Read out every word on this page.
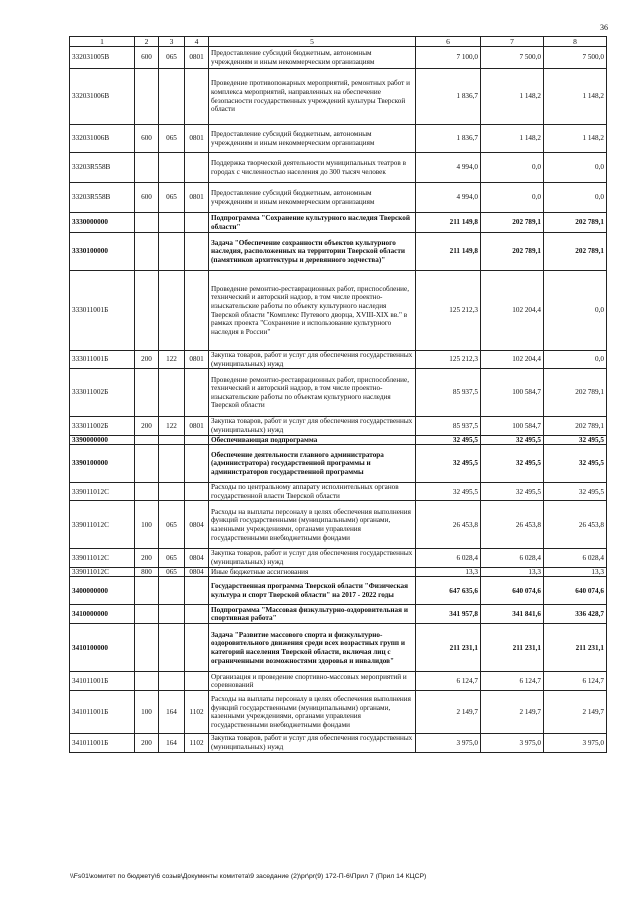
36
1	2	3	4	5	6	7	8
332031005В	600	065	0801	Предоставление субсидий бюджетным, автономным учреждениям и иным некоммерческим организациям	7 100,0	7 500,0	7 500,0
332031006В				Проведение противопожарных мероприятий, ремонтных работ и комплекса мероприятий, направленных на обеспечение безопасности государственных учреждений культуры Тверской области	1 836,7	1 148,2	1 148,2
332031006В	600	065	0801	Предоставление субсидий бюджетным, автономным учреждениям и иным некоммерческим организациям	1 836,7	1 148,2	1 148,2
33203R558В				Поддержка творческой деятельности муниципальных театров в городах с численностью населения до 300 тысяч человек	4 994,0	0,0	0,0
33203R558В	600	065	0801	Предоставление субсидий бюджетным, автономным учреждениям и иным некоммерческим организациям	4 994,0	0,0	0,0
3330000000				Подпрограмма "Сохранение культурного наследия Тверской области"	211 149,8	202 789,1	202 789,1
3330100000				Задача "Обеспечение сохранности объектов культурного наследия, расположенных на территории Тверской области (памятников архитектуры и деревянного зодчества)"	211 149,8	202 789,1	202 789,1
333011001Б				Проведение ремонтно-реставрационных работ, приспособление, технический и авторский надзор, в том числе проектно-изыскательские работы по объекту культурного наследия Тверской области "Комплекс Путевого дворца, XVIII-XIX вв." в рамках проекта "Сохранение и использование культурного наследия в России"	125 212,3	102 204,4	0,0
333011001Б	200	122	0801	Закупка товаров, работ и услуг для обеспечения государственных (муниципальных) нужд	125 212,3	102 204,4	0,0
333011002Б				Проведение ремонтно-реставрационных работ, приспособление, технический и авторский надзор, в том числе проектно-изыскательские работы по объектам культурного наследия Тверской области	85 937,5	100 584,7	202 789,1
333011002Б	200	122	0801	Закупка товаров, работ и услуг для обеспечения государственных (муниципальных) нужд	85 937,5	100 584,7	202 789,1
3390000000				Обеспечивающая подпрограмма	32 495,5	32 495,5	32 495,5
3390100000				Обеспечение деятельности главного администратора (администратора) государственной программы и администраторов государственной программы	32 495,5	32 495,5	32 495,5
339011012С				Расходы по центральному аппарату исполнительных органов государственной власти Тверской области	32 495,5	32 495,5	32 495,5
339011012С	100	065	0804	Расходы на выплаты персоналу в целях обеспечения выполнения функций государственными (муниципальными) органами, казенными учреждениями, органами управления государственными внебюджетными фондами	26 453,8	26 453,8	26 453,8
339011012С	200	065	0804	Закупка товаров, работ и услуг для обеспечения государственных (муниципальных) нужд	6 028,4	6 028,4	6 028,4
339011012С	800	065	0804	Иные бюджетные ассигнования	13,3	13,3	13,3
3400000000				Государственная программа Тверской области "Физическая культура и спорт Тверской области" на 2017 - 2022 годы	647 635,6	640 074,6	640 074,6
3410000000				Подпрограмма "Массовая физкультурно-оздоровительная и спортивная работа"	341 957,8	341 841,6	336 428,7
3410100000				Задача "Развитие массового спорта и физкультурно-оздоровительного движения среди всех возрастных групп и категорий населения Тверской области, включая лиц с ограниченными возможностями здоровья и инвалидов"	211 231,1	211 231,1	211 231,1
341011001Б				Организация и проведение спортивно-массовых мероприятий и соревнований	6 124,7	6 124,7	6 124,7
341011001Б	100	164	1102	Расходы на выплаты персоналу в целях обеспечения выполнения функций государственными (муниципальными) органами, казенными учреждениями, органами управления государственными внебюджетными фондами	2 149,7	2 149,7	2 149,7
341011001Б	200	164	1102	Закупка товаров, работ и услуг для обеспечения государственных (муниципальных) нужд	3 975,0	3 975,0	3 975,0
\\Fs01\комитет по бюджету\6 созыв\Документы комитета\9 заседание (2)\pr\pr(9) 172-П-6\Прил 7 (Прил 14 КЦСР)
